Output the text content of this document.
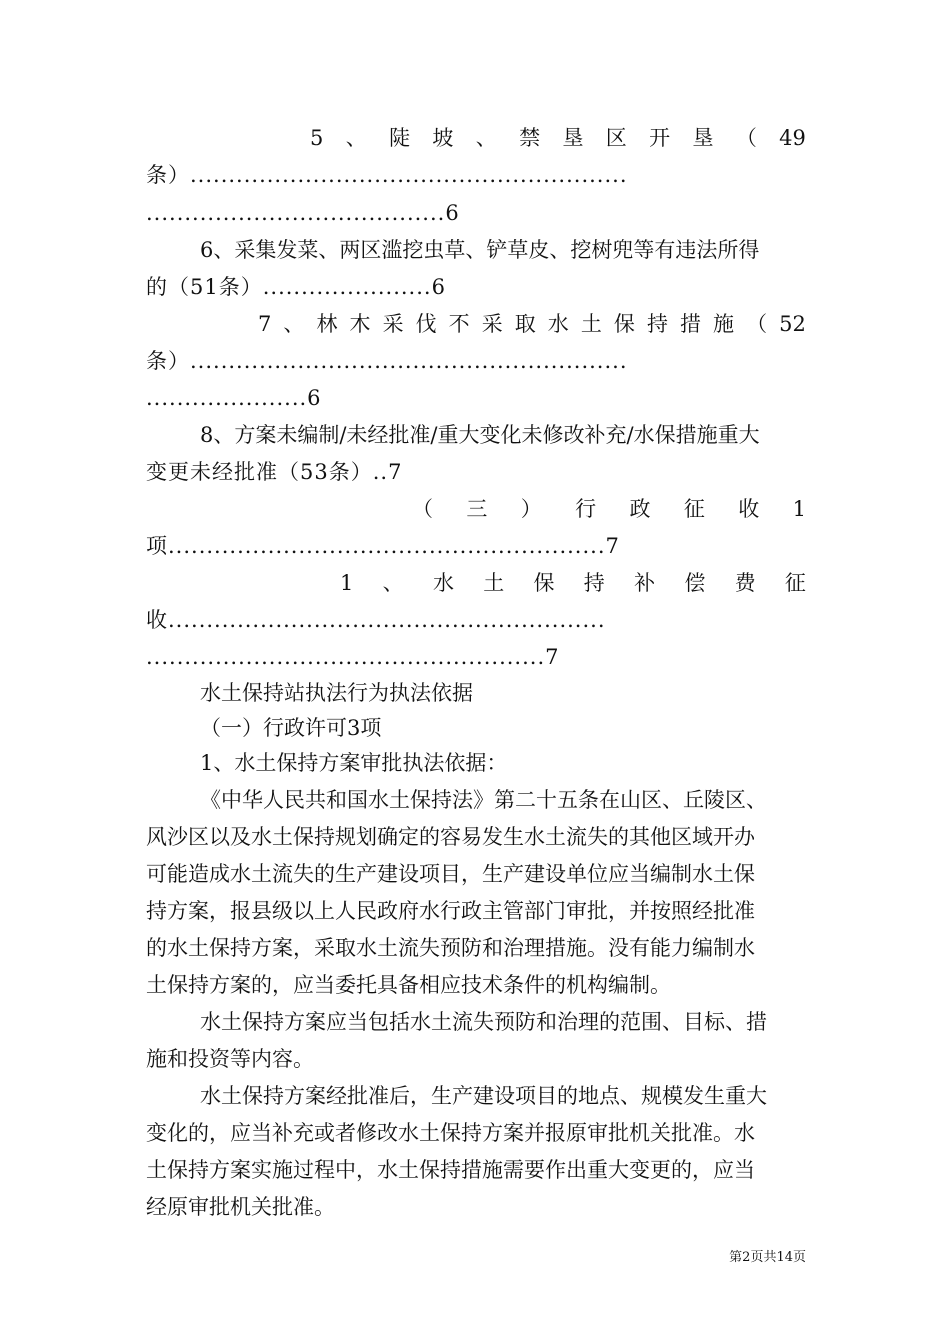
5 、 陡 坡 、 禁 垦 区 开 垦 （ 49
条）.........................................................
.......................................6
6、采集发菜、两区滥挖虫草、铲草皮、挖树兜等有违法所得
的（51条）......................6
7 、 林 木 采 伐 不 采 取 水 土 保 持 措 施 （ 52
条）.........................................................
.....................6
8、方案未编制/未经批准/重大变化未修改补充/水保措施重大
变更未经批准（53条）..7
（ 三 ） 行 政 征 收 1
项.........................................................7
1 、 水 土 保 持 补 偿 费 征
收.........................................................
....................................................7
水土保持站执法行为执法依据
（一）行政许可3项
1、水土保持方案审批执法依据：
《中华人民共和国水土保持法》第二十五条在山区、丘陵区、
风沙区以及水土保持规划确定的容易发生水土流失的其他区域开办
可能造成水土流失的生产建设项目，生产建设单位应当编制水土保
持方案，报县级以上人民政府水行政主管部门审批，并按照经批准
的水土保持方案，采取水土流失预防和治理措施。没有能力编制水
土保持方案的，应当委托具备相应技术条件的机构编制。
水土保持方案应当包括水土流失预防和治理的范围、目标、措
施和投资等内容。
水土保持方案经批准后，生产建设项目的地点、规模发生重大
变化的，应当补充或者修改水土保持方案并报原审批机关批准。水
土保持方案实施过程中，水土保持措施需要作出重大变更的，应当
经原审批机关批准。
第2页共14页
